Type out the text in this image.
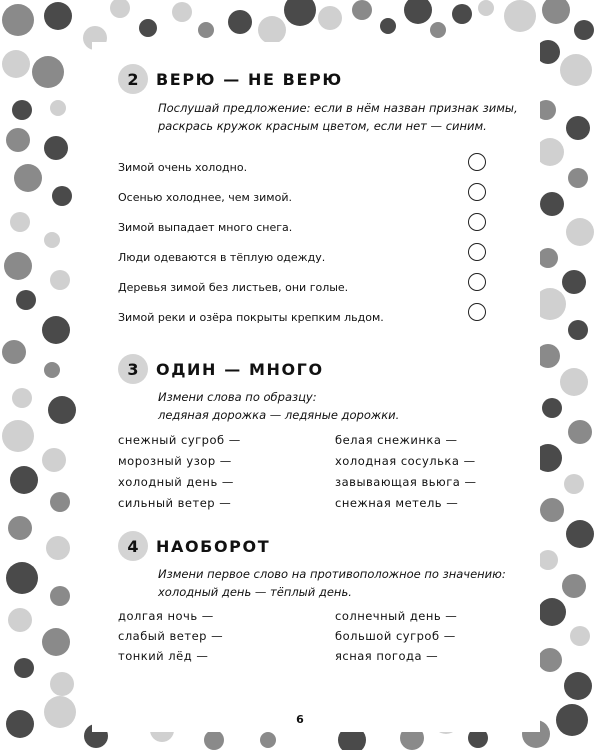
2	ВЕРЮ — НЕ ВЕРЮ
Послушай предложение: если в нём назван признак зимы,
раскрась кружок красным цветом, если нет — синим.
Зимой очень холодно.
Осенью холоднее, чем зимой.
Зимой выпадает много снега.
Люди одеваются в тёплую одежду.
Деревья зимой без листьев, они голые.
Зимой реки и озёра покрыты крепким льдом.
3	ОДИН — МНОГО
Измени слова по образцу:
ледяная дорожка — ледяные дорожки.
снежный сугроб —
морозный узор —
холодный день —
сильный ветер —
белая снежинка —
холодная сосулька —
завывающая вьюга —
снежная метель —
4	НАОБОРОТ
Измени первое слово на противоположное по значению:
холодный день — тёплый день.
долгая ночь —
слабый ветер —
тонкий лёд —
солнечный день —
большой сугроб —
ясная погода —
6
